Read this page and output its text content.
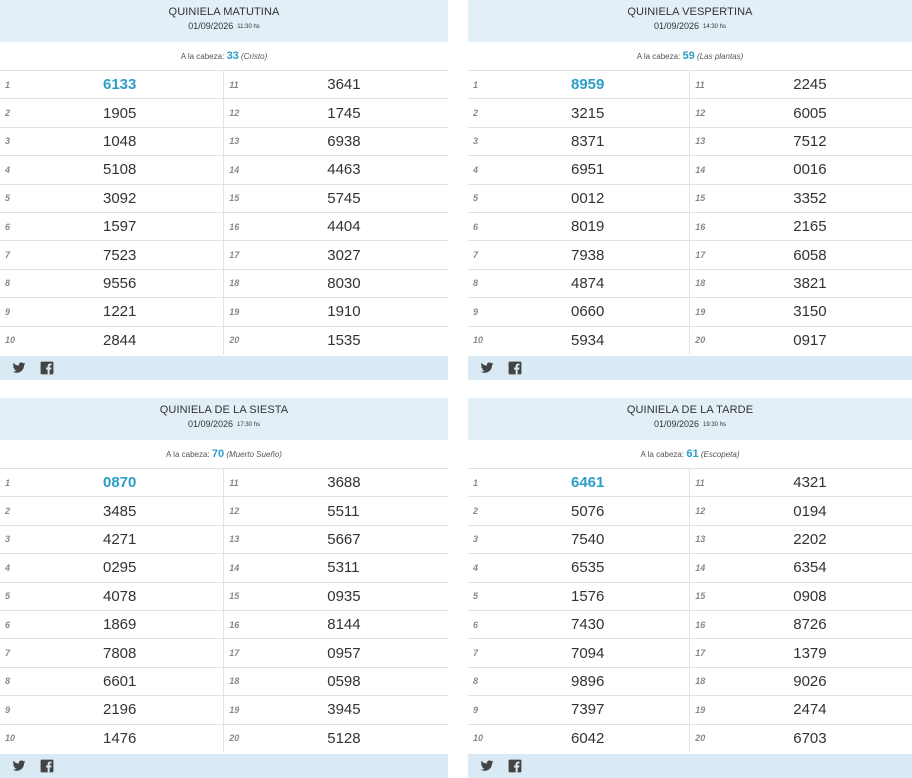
QUINIELA MATUTINA
01/09/2026 11:30 hs
A la cabeza: 33 (Cristo)
1	6133	11	3641
2	1905	12	1745
3	1048	13	6938
4	5108	14	4463
5	3092	15	5745
6	1597	16	4404
7	7523	17	3027
8	9556	18	8030
9	1221	19	1910
10	2844	20	1535
QUINIELA VESPERTINA
01/09/2026 14:30 hs
A la cabeza: 59 (Las plantas)
1	8959	11	2245
2	3215	12	6005
3	8371	13	7512
4	6951	14	0016
5	0012	15	3352
6	8019	16	2165
7	7938	17	6058
8	4874	18	3821
9	0660	19	3150
10	5934	20	0917
QUINIELA DE LA SIESTA
01/09/2026 17:30 hs
A la cabeza: 70 (Muerto Sueño)
1	0870	11	3688
2	3485	12	5511
3	4271	13	5667
4	0295	14	5311
5	4078	15	0935
6	1869	16	8144
7	7808	17	0957
8	6601	18	0598
9	2196	19	3945
10	1476	20	5128
QUINIELA DE LA TARDE
01/09/2026 19:30 hs
A la cabeza: 61 (Escopeta)
1	6461	11	4321
2	5076	12	0194
3	7540	13	2202
4	6535	14	6354
5	1576	15	0908
6	7430	16	8726
7	7094	17	1379
8	9896	18	9026
9	7397	19	2474
10	6042	20	6703
